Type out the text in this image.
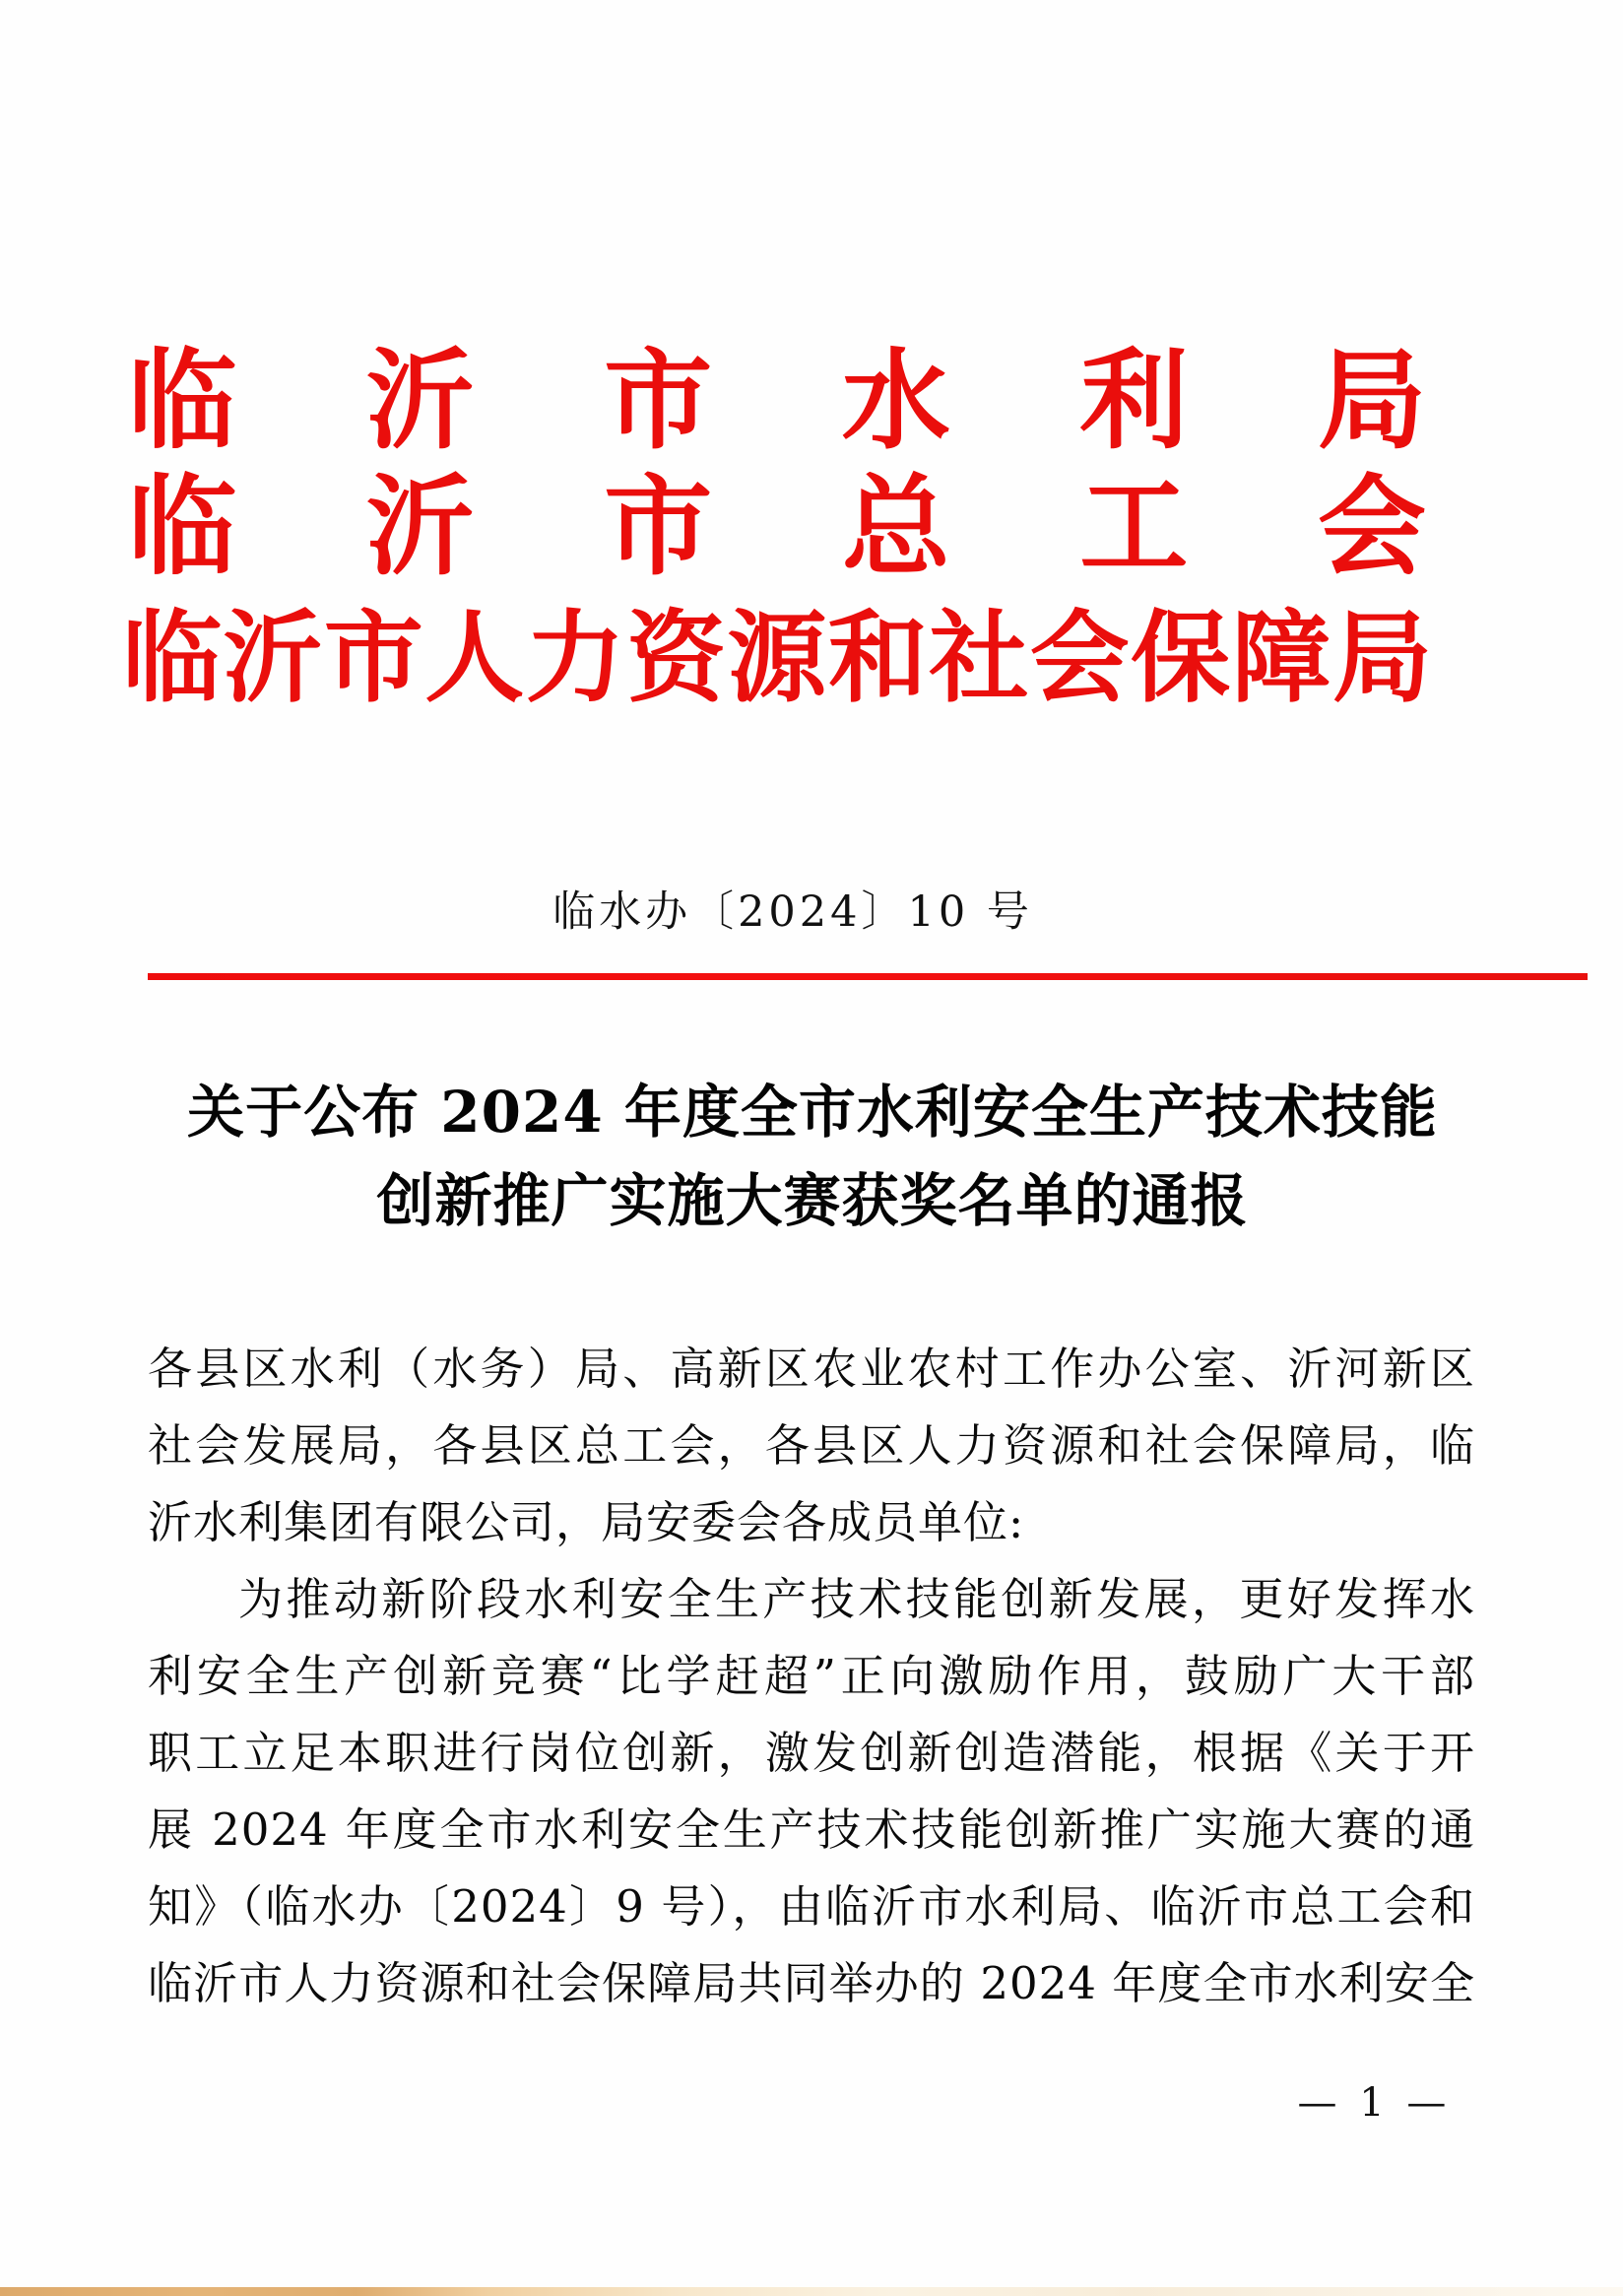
临沂市水利局
临沂市总工会
临沂市人力资源和社会保障局
临水办〔2024〕10 号
关于公布 2024 年度全市水利安全生产技术技能
创新推广实施大赛获奖名单的通报
各县区水利（水务）局、高新区农业农村工作办公室、沂河新区
社会发展局，各县区总工会，各县区人力资源和社会保障局，临
沂水利集团有限公司，局安委会各成员单位:
为推动新阶段水利安全生产技术技能创新发展，更好发挥水
利安全生产创新竞赛“比学赶超”正向激励作用，鼓励广大干部
职工立足本职进行岗位创新，激发创新创造潜能，根据《关于开
展 2024 年度全市水利安全生产技术技能创新推广实施大赛的通
知》（临水办〔2024〕9 号），由临沂市水利局、临沂市总工会和
临沂市人力资源和社会保障局共同举办的 2024 年度全市水利安全
— 1 —
